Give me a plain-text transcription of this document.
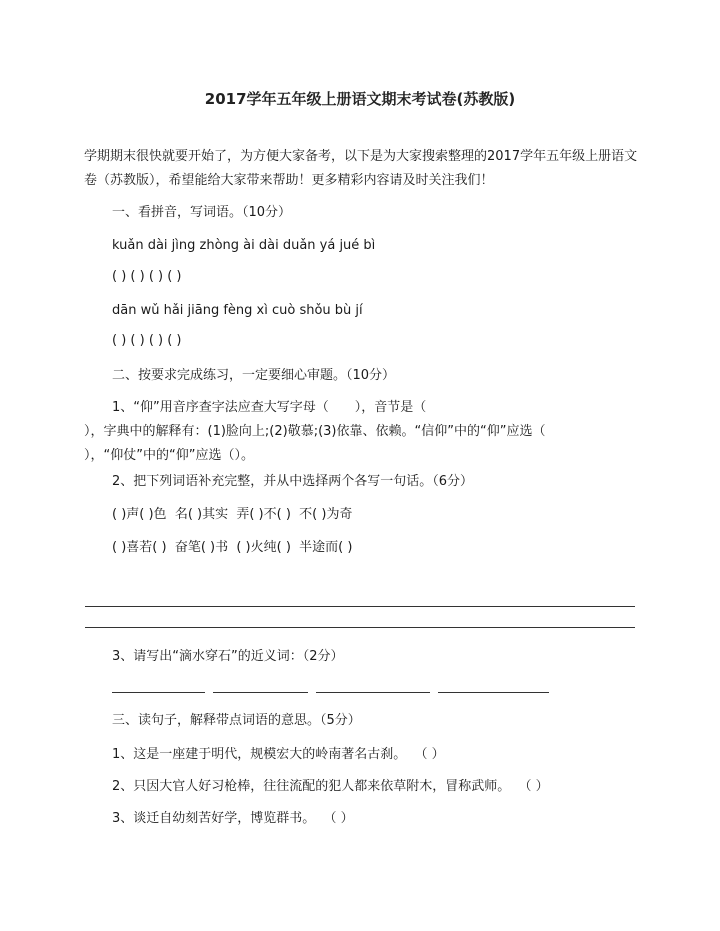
2017学年五年级上册语文期末考试卷(苏教版)

学期期末很快就要开始了，为方便大家备考，以下是为大家搜索整理的2017学年五年级上册语文卷（苏教版），希望能给大家带来帮助！更多精彩内容请及时关注我们！

一、看拼音，写词语。（10分）

kuǎn dài jìng zhòng ài dài duǎn yá jué bì

( ) ( ) ( ) ( )

dān wǔ hǎi jiāng fèng xì cuò shǒu bù jí

( ) ( ) ( ) ( )

二、按要求完成练习，一定要细心审题。（10分）

1、“仰”用音序查字法应查大写字母（　　），音节是（
），字典中的解释有：(1)脸向上;(2)敬慕;(3)依靠、依赖。“信仰”中的“仰”应选（
），“仰仗”中的“仰”应选（）。

2、把下列词语补充完整，并从中选择两个各写一句话。（6分）

( )声( )色  名( )其实  弄( )不( )  不( )为奇

( )喜若( )  奋笔( )书  ( )火纯( )  半途而( )

3、请写出“滴水穿石”的近义词：（2分）

三、读句子，解释带点词语的意思。（5分）

1、这是一座建于明代，规模宏大的岭南著名古刹。  （ ）

2、只因大官人好习枪棒，往往流配的犯人都来依草附木，冒称武师。  （ ）

3、谈迁自幼刻苦好学，博览群书。  （ ）
